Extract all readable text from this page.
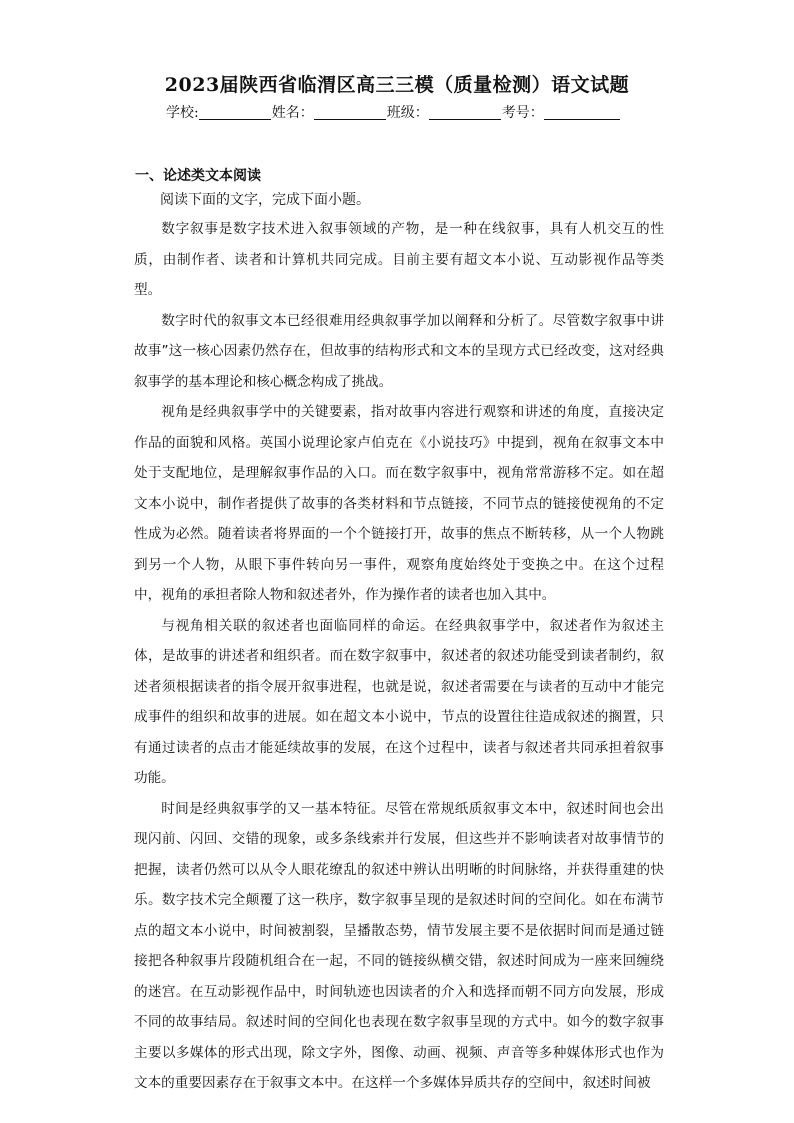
2023届陕西省临渭区高三三模（质量检测）语文试题
学校:	姓名：	班级：	考号：
一、论述类文本阅读

阅读下面的文字，完成下面小题。

数字叙事是数字技术进入叙事领域的产物，是一种在线叙事，具有人机交互的性质，由制作者、读者和计算机共同完成。目前主要有超文本小说、互动影视作品等类型。

数字时代的叙事文本已经很难用经典叙事学加以阐释和分析了。尽管数字叙事中讲故事”这一核心因素仍然存在，但故事的结构形式和文本的呈现方式已经改变，这对经典叙事学的基本理论和核心概念构成了挑战。

视角是经典叙事学中的关键要素，指对故事内容进行观察和讲述的角度，直接决定作品的面貌和风格。英国小说理论家卢伯克在《小说技巧》中提到，视角在叙事文本中处于支配地位，是理解叙事作品的入口。而在数字叙事中，视角常常游移不定。如在超文本小说中，制作者提供了故事的各类材料和节点链接，不同节点的链接使视角的不定性成为必然。随着读者将界面的一个个链接打开，故事的焦点不断转移，从一个人物跳到另一个人物，从眼下事件转向另一事件，观察角度始终处于变换之中。在这个过程中，视角的承担者除人物和叙述者外，作为操作者的读者也加入其中。

与视角相关联的叙述者也面临同样的命运。在经典叙事学中，叙述者作为叙述主体，是故事的讲述者和组织者。而在数字叙事中，叙述者的叙述功能受到读者制约，叙述者须根据读者的指令展开叙事进程，也就是说，叙述者需要在与读者的互动中才能完成事件的组织和故事的进展。如在超文本小说中，节点的设置往往造成叙述的搁置，只有通过读者的点击才能延续故事的发展，在这个过程中，读者与叙述者共同承担着叙事功能。

时间是经典叙事学的又一基本特征。尽管在常规纸质叙事文本中，叙述时间也会出现闪前、闪回、交错的现象，或多条线索并行发展，但这些并不影响读者对故事情节的把握，读者仍然可以从令人眼花缭乱的叙述中辨认出明晰的时间脉络，并获得重建的快乐。数字技术完全颠覆了这一秩序，数字叙事呈现的是叙述时间的空间化。如在布满节点的超文本小说中，时间被割裂，呈播散态势，情节发展主要不是依据时间而是通过链接把各种叙事片段随机组合在一起，不同的链接纵横交错，叙述时间成为一座来回缠绕的迷宫。在互动影视作品中，时间轨迹也因读者的介入和选择而朝不同方向发展，形成不同的故事结局。叙述时间的空间化也表现在数字叙事呈现的方式中。如今的数字叙事主要以多媒体的形式出现，除文字外，图像、动画、视频、声音等多种媒体形式也作为文本的重要因素存在于叙事文本中。在这样一个多媒体异质共存的空间中，叙述时间被
